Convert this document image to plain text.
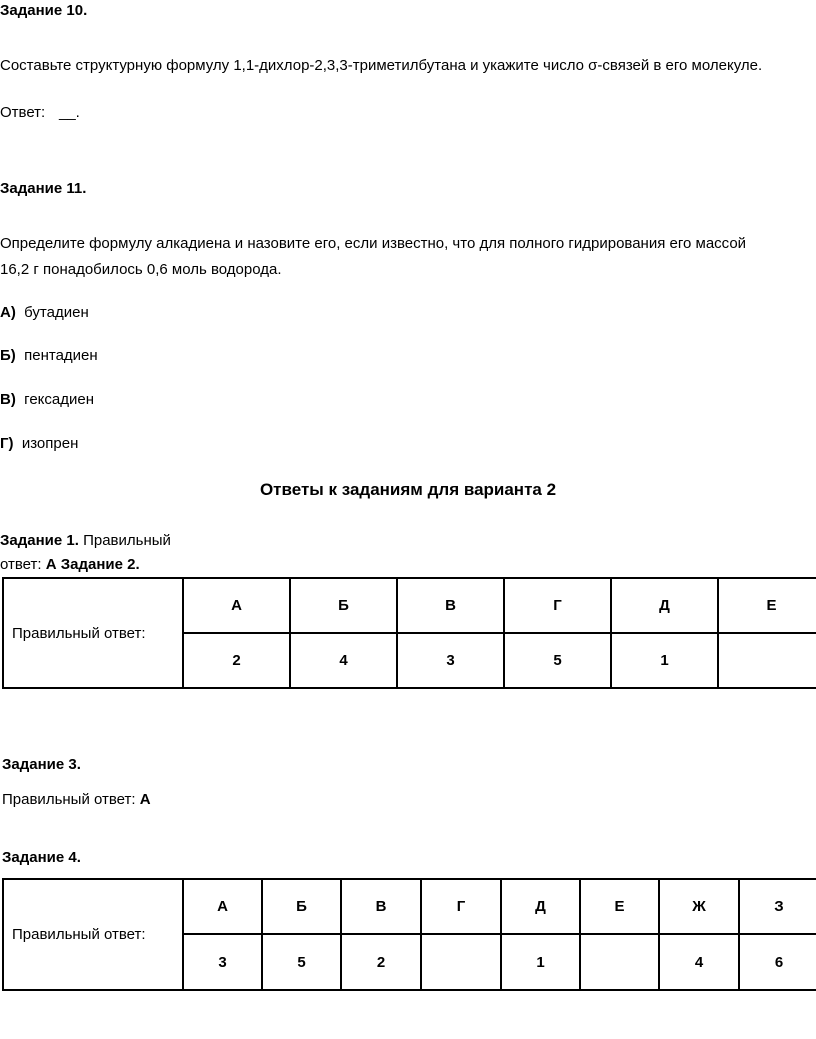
Задание 10.
Составьте структурную формулу 1,1-дихлор-2,3,3-триметилбутана и укажите число σ-связей в его молекуле.
Ответ: __.
Задание 11.
Определите формулу алкадиена и назовите его, если известно, что для полного гидрирования его массой
16,2 г понадобилось 0,6 моль водорода.
А) бутадиен
Б) пентадиен
В) гексадиен
Г) изопрен
Ответы к заданиям для варианта 2
Задание 1. Правильный
ответ: А Задание 2.
Правильный ответ:	А	Б	В	Г	Д	Е
	2	4	3	5	1	
Задание 3.
Правильный ответ: А
Задание 4.
Правильный ответ:	А	Б	В	Г	Д	Е	Ж	З
	3	5	2		1		4	6
